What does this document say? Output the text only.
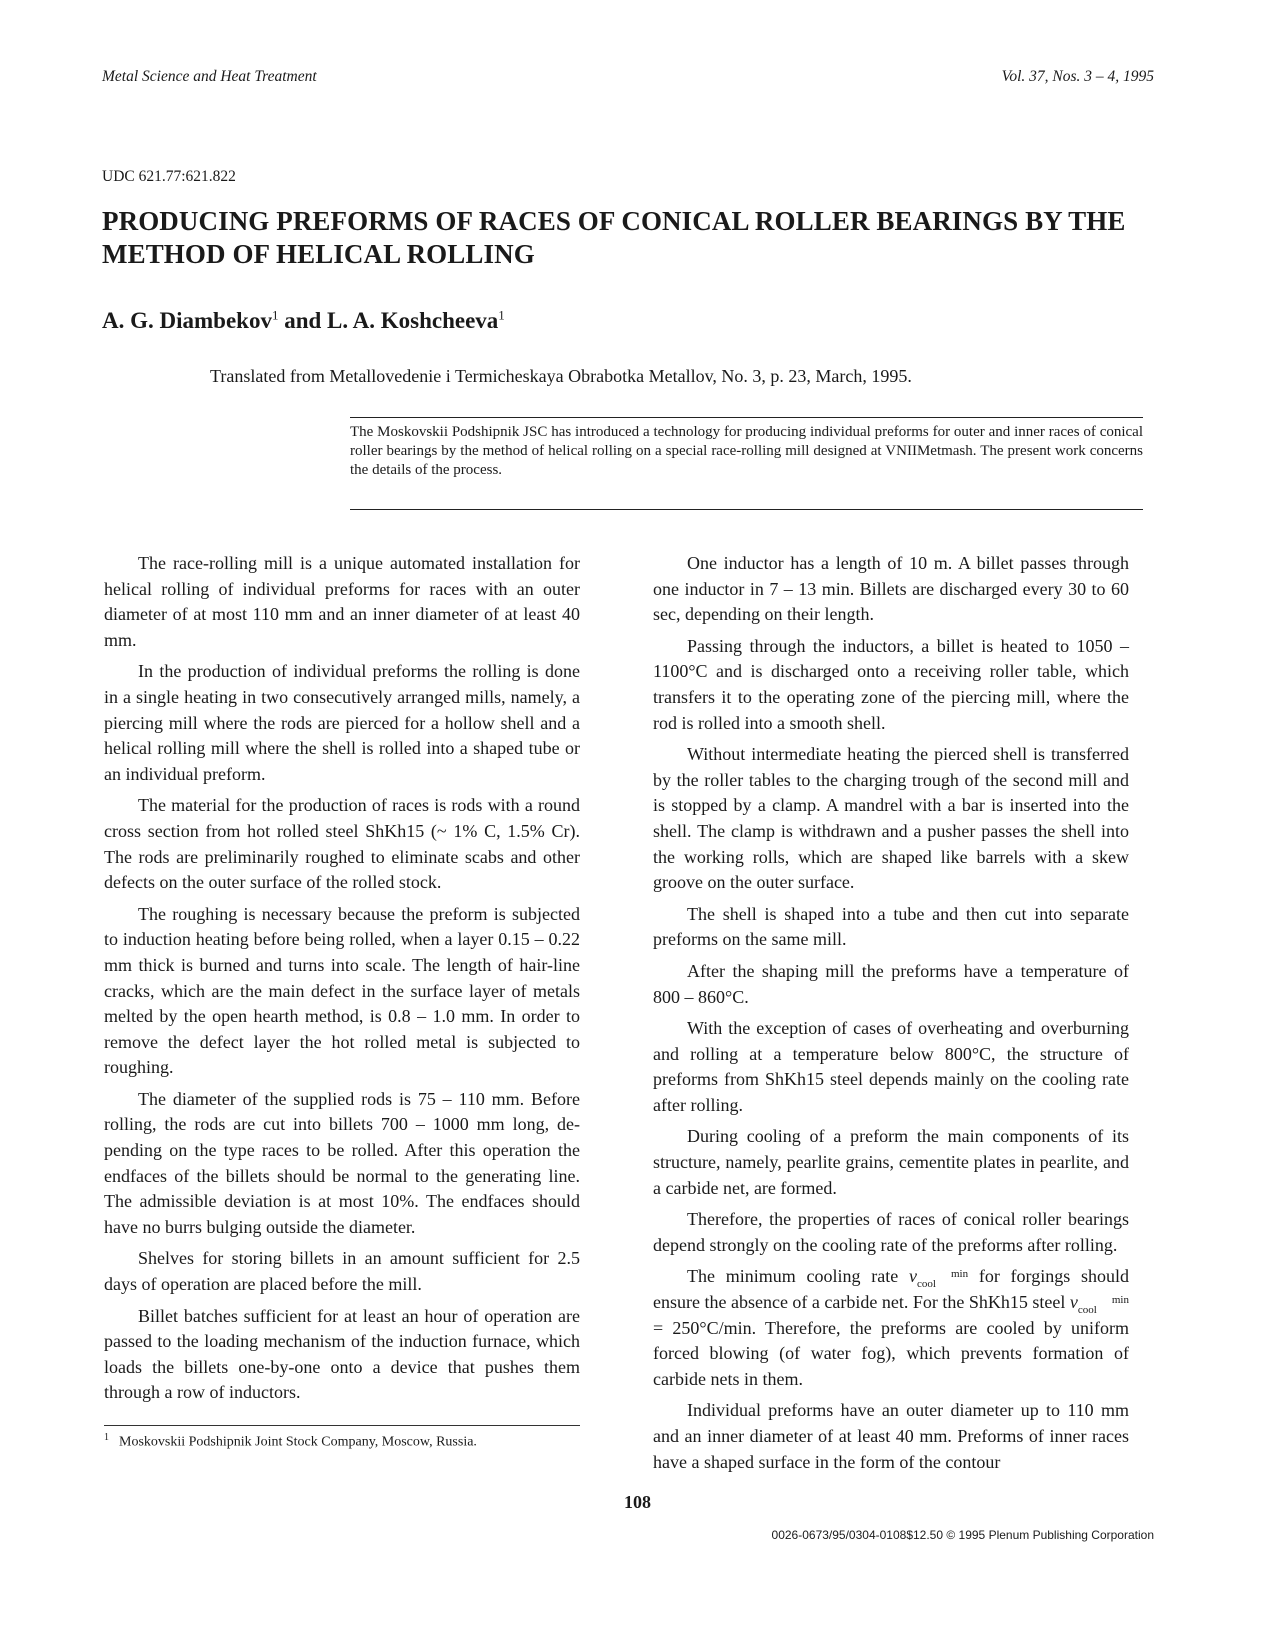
Metal Science and Heat Treatment	Vol. 37, Nos. 3 – 4, 1995
UDC 621.77:621.822
PRODUCING PREFORMS OF RACES OF CONICAL ROLLER BEARINGS BY THE METHOD OF HELICAL ROLLING
A. G. Diambekov$^1$ and L. A. Koshcheeva$^1$
Translated from Metallovedenie i Termicheskaya Obrabotka Metallov, No. 3, p. 23, March, 1995.
The Moskovskii Podshipnik JSC has introduced a technology for producing individual preforms for outer and inner races of conical roller bearings by the method of helical rolling on a special race-rolling mill designed at VNIIMetmash. The present work concerns the details of the process.

The race-rolling mill is a unique automated installation for helical rolling of individual preforms for races with an outer diameter of at most 110 mm and an inner diameter of at least 40 mm.

In the production of individual preforms the rolling is done in a single heating in two consecutively arranged mills, namely, a piercing mill where the rods are pierced for a hollow shell and a helical rolling mill where the shell is rolled into a shaped tube or an individual preform.

The material for the production of races is rods with a round cross section from hot rolled steel ShKh15 (~ 1% C, 1.5% Cr). The rods are preliminarily roughed to eliminate scabs and other defects on the outer surface of the rolled stock.

The roughing is necessary because the preform is subjected to induction heating before being rolled, when a layer 0.15 – 0.22 mm thick is burned and turns into scale. The length of hair-line cracks, which are the main defect in the surface layer of metals melted by the open hearth method, is 0.8 – 1.0 mm. In order to remove the defect layer the hot rolled metal is subjected to roughing.

The diameter of the supplied rods is 75 – 110 mm. Before rolling, the rods are cut into billets 700 – 1000 mm long, depending on the type races to be rolled. After this operation the endfaces of the billets should be normal to the generating line. The admissible deviation is at most 10%. The endfaces should have no burrs bulging outside the diameter.

Shelves for storing billets in an amount sufficient for 2.5 days of operation are placed before the mill.

Billet batches sufficient for at least an hour of operation are passed to the loading mechanism of the induction furnace, which loads the billets one-by-one onto a device that pushes them through a row of inductors.

One inductor has a length of 10 m. A billet passes through one inductor in 7 – 13 min. Billets are discharged every 30 to 60 sec, depending on their length.

Passing through the inductors, a billet is heated to 1050 – 1100°C and is discharged onto a receiving roller table, which transfers it to the operating zone of the piercing mill, where the rod is rolled into a smooth shell.

Without intermediate heating the pierced shell is transferred by the roller tables to the charging trough of the second mill and is stopped by a clamp. A mandrel with a bar is inserted into the shell. The clamp is withdrawn and a pusher passes the shell into the working rolls, which are shaped like barrels with a skew groove on the outer surface.

The shell is shaped into a tube and then cut into separate preforms on the same mill.

After the shaping mill the preforms have a temperature of 800 – 860°C.

With the exception of cases of overheating and overburning and rolling at a temperature below 800°C, the structure of preforms from ShKh15 steel depends mainly on the cooling rate after rolling.

During cooling of a preform the main components of its structure, namely, pearlite grains, cementite plates in pearlite, and a carbide net, are formed.

Therefore, the properties of races of conical roller bearings depend strongly on the cooling rate of the preforms after rolling.

The minimum cooling rate v	min
cool for forgings should ensure the absence of a carbide net. For the ShKh15 steel v	min
cool = 250°C/min. Therefore, the preforms are cooled by uniform forced blowing (of water fog), which prevents formation of carbide nets in them.

Individual preforms have an outer diameter up to 110 mm and an inner diameter of at least 40 mm. Preforms of inner races have a shaped surface in the form of the contour

$^1$ Moskovskii Podshipnik Joint Stock Company, Moscow, Russia.
108
0026-0673/95/0304-0108$12.50 © 1995 Plenum Publishing Corporation
